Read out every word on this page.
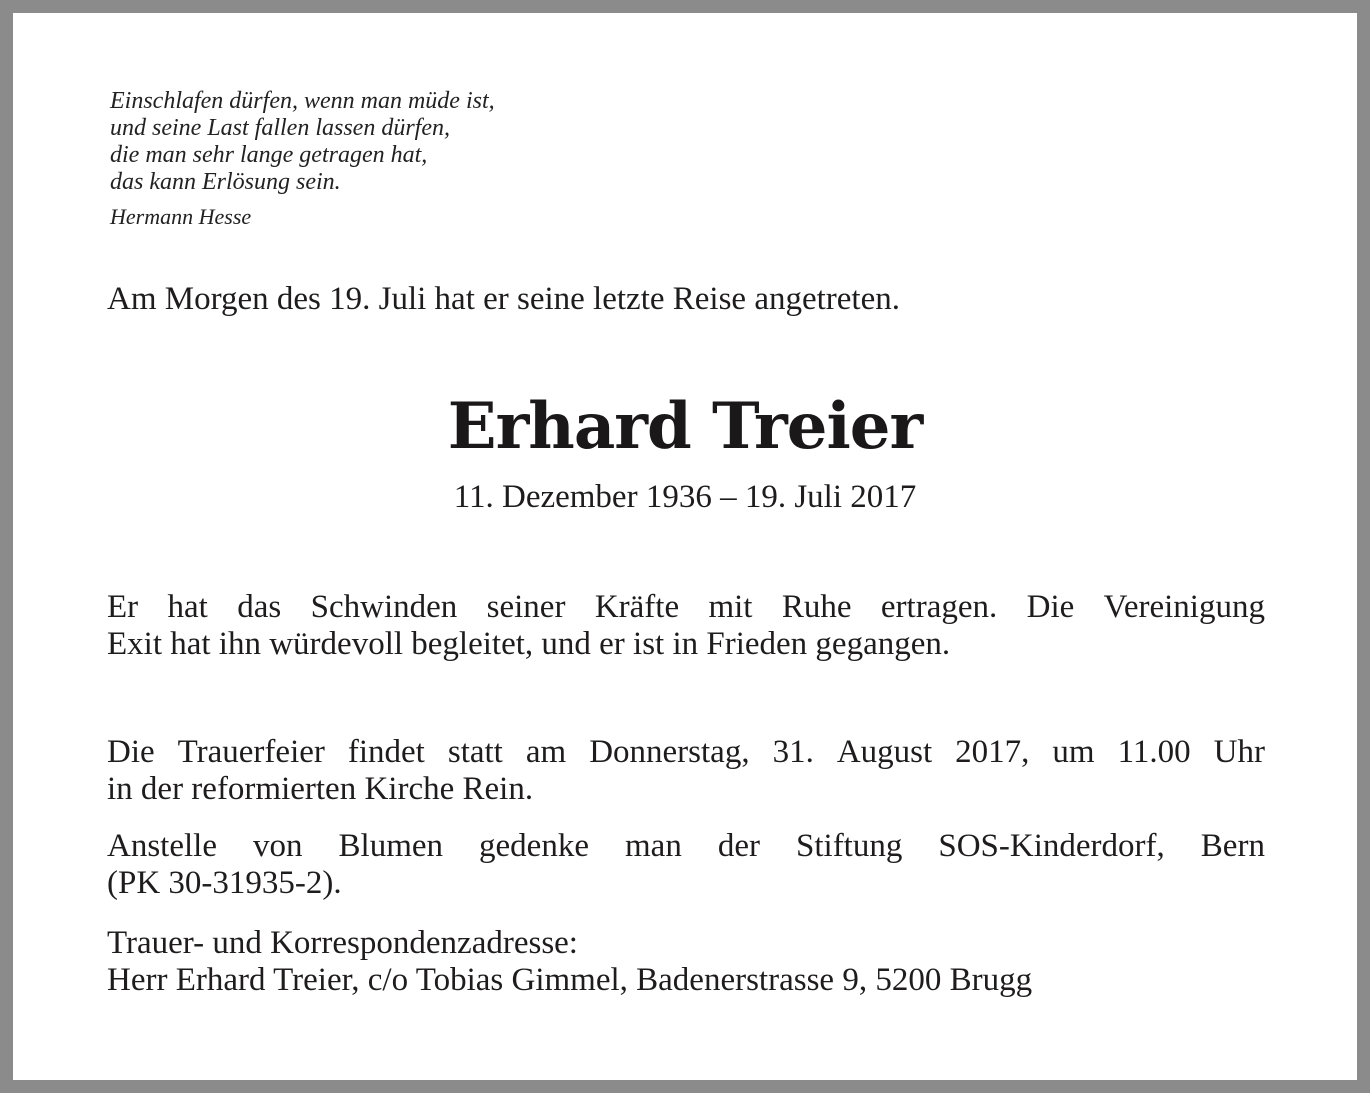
Einschlafen dürfen, wenn man müde ist,
und seine Last fallen lassen dürfen,
die man sehr lange getragen hat,
das kann Erlösung sein.
Hermann Hesse
Am Morgen des 19. Juli hat er seine letzte Reise angetreten.
Erhard Treier
11. Dezember 1936 – 19. Juli 2017
Er hat das Schwinden seiner Kräfte mit Ruhe ertragen. Die Vereinigung
Exit hat ihn würdevoll begleitet, und er ist in Frieden gegangen.
Die Trauerfeier findet statt am Donnerstag, 31. August 2017, um 11.00 Uhr
in der reformierten Kirche Rein.
Anstelle von Blumen gedenke man der Stiftung SOS-Kinderdorf, Bern
(PK 30-31935-2).
Trauer- und Korrespondenzadresse:
Herr Erhard Treier, c/o Tobias Gimmel, Badenerstrasse 9, 5200 Brugg
